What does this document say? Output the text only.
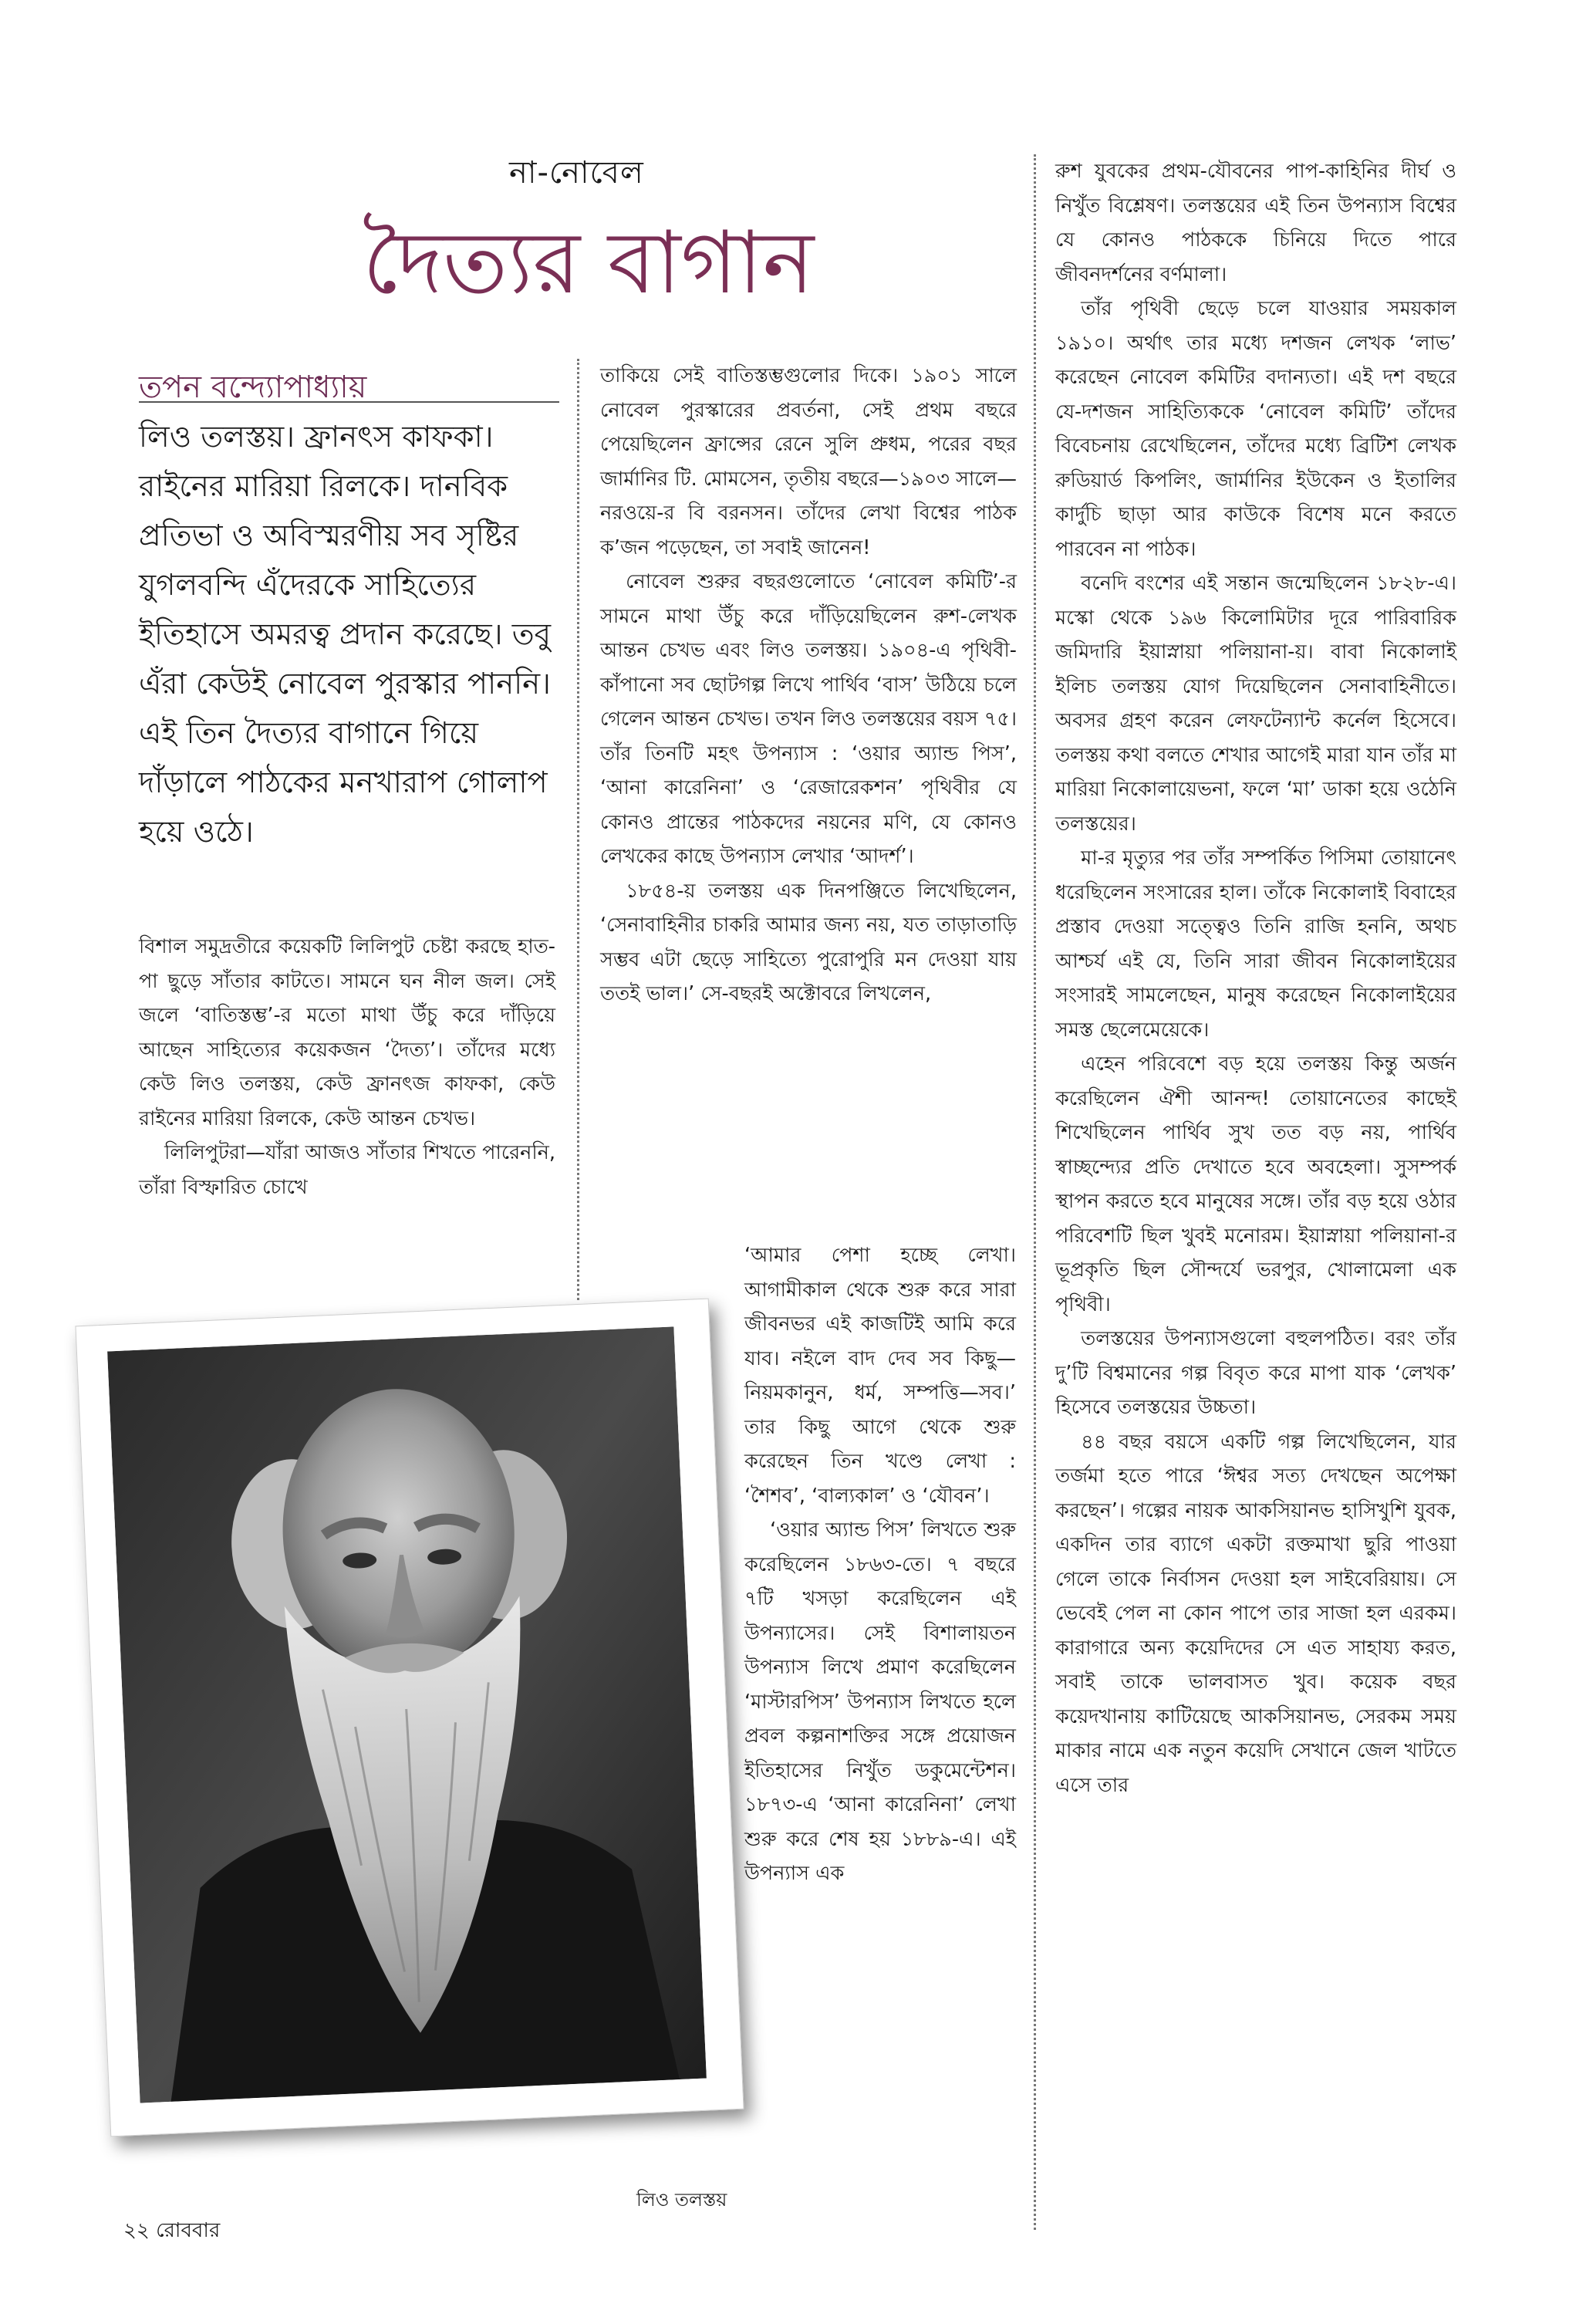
না-নোবেল
দৈত্যর বাগান
তপন বন্দ্যোপাধ্যায়
লিও তলস্তয়। ফ্রানৎস কাফকা। রাইনের মারিয়া রিলকে। দানবিক প্রতিভা ও অবিস্মরণীয় সব সৃষ্টির যুগলবন্দি এঁদেরকে সাহিত্যের ইতিহাসে অমরত্ব প্রদান করেছে। তবু এঁরা কেউই নোবেল পুরস্কার পাননি। এই তিন দৈত্যর বাগানে গিয়ে দাঁড়ালে পাঠকের মনখারাপ গোলাপ হয়ে ওঠে।

বিশাল সমুদ্রতীরে কয়েকটি লিলিপুট চেষ্টা করছে হাত-পা ছুড়ে সাঁতার কাটতে। সামনে ঘন নীল জল। সেই জলে ‘বাতিস্তম্ভ’-র মতো মাথা উঁচু করে দাঁড়িয়ে আছেন সাহিত্যের কয়েকজন ‘দৈত্য’। তাঁদের মধ্যে কেউ লিও তলস্তয়, কেউ ফ্রানৎজ কাফকা, কেউ রাইনের মারিয়া রিলকে, কেউ আন্তন চেখভ।

লিলিপুটরা—যাঁরা আজও সাঁতার শিখতে পারেননি, তাঁরা বিস্ফারিত চোখে

তাকিয়ে সেই বাতিস্তম্ভগুলোর দিকে। ১৯০১ সালে নোবেল পুরস্কারের প্রবর্তনা, সেই প্রথম বছরে পেয়েছিলেন ফ্রান্সের রেনে সুলি প্রুধম, পরের বছর জার্মানির টি. মোমসেন, তৃতীয় বছরে—১৯০৩ সালে—নরওয়ে-র বি বরনসন। তাঁদের লেখা বিশ্বের পাঠক ক’জন পড়েছেন, তা সবাই জানেন!

নোবেল শুরুর বছরগুলোতে ‘নোবেল কমিটি’-র সামনে মাথা উঁচু করে দাঁড়িয়েছিলেন রুশ-লেখক আন্তন চেখভ এবং লিও তলস্তয়। ১৯০৪-এ পৃথিবী-কাঁপানো সব ছোটগল্প লিখে পার্থিব ‘বাস’ উঠিয়ে চলে গেলেন আন্তন চেখভ। তখন লিও তলস্তয়ের বয়স ৭৫। তাঁর তিনটি মহৎ উপন্যাস : ‘ওয়ার অ্যান্ড পিস’, ‘আনা কারেনিনা’ ও ‘রেজারেকশন’ পৃথিবীর যে কোনও প্রান্তের পাঠকদের নয়নের মণি, যে কোনও লেখকের কাছে উপন্যাস লেখার ‘আদর্শ’।

১৮৫৪-য় তলস্তয় এক দিনপঞ্জিতে লিখেছিলেন, ‘সেনাবাহিনীর চাকরি আমার জন্য নয়, যত তাড়াতাড়ি সম্ভব এটা ছেড়ে সাহিত্যে পুরোপুরি মন দেওয়া যায় ততই ভাল।’ সে-বছরই অক্টোবরে লিখলেন,

‘আমার পেশা হচ্ছে লেখা। আগামীকাল থেকে শুরু করে সারা জীবনভর এই কাজটিই আমি করে যাব। নইলে বাদ দেব সব কিছু—নিয়মকানুন, ধর্ম, সম্পত্তি—সব।’ তার কিছু আগে থেকে শুরু করেছেন তিন খণ্ডে লেখা : ‘শৈশব’, ‘বাল্যকাল’ ও ‘যৌবন’।

‘ওয়ার অ্যান্ড পিস’ লিখতে শুরু করেছিলেন ১৮৬৩-তে। ৭ বছরে ৭টি খসড়া করেছিলেন এই উপন্যাসের। সেই বিশালায়তন উপন্যাস লিখে প্রমাণ করেছিলেন ‘মাস্টারপিস’ উপন্যাস লিখতে হলে প্রবল কল্পনাশক্তির সঙ্গে প্রয়োজন ইতিহাসের নিখুঁত ডকুমেন্টেশন। ১৮৭৩-এ ‘আনা কারেনিনা’ লেখা শুরু করে শেষ হয় ১৮৮৯-এ। এই উপন্যাস এক

রুশ যুবকের প্রথম-যৌবনের পাপ-কাহিনির দীর্ঘ ও নিখুঁত বিশ্লেষণ। তলস্তয়ের এই তিন উপন্যাস বিশ্বের যে কোনও পাঠককে চিনিয়ে দিতে পারে জীবনদর্শনের বর্ণমালা।

তাঁর পৃথিবী ছেড়ে চলে যাওয়ার সময়কাল ১৯১০। অর্থাৎ তার মধ্যে দশজন লেখক ‘লাভ’ করেছেন নোবেল কমিটির বদান্যতা। এই দশ বছরে যে-দশজন সাহিত্যিককে ‘নোবেল কমিটি’ তাঁদের বিবেচনায় রেখেছিলেন, তাঁদের মধ্যে ব্রিটিশ লেখক রুডিয়ার্ড কিপলিং, জার্মানির ইউকেন ও ইতালির কার্দুচি ছাড়া আর কাউকে বিশেষ মনে করতে পারবেন না পাঠক।

বনেদি বংশের এই সন্তান জন্মেছিলেন ১৮২৮-এ। মস্কো থেকে ১৯৬ কিলোমিটার দূরে পারিবারিক জমিদারি ইয়াস্নায়া পলিয়ানা-য়। বাবা নিকোলাই ইলিচ তলস্তয় যোগ দিয়েছিলেন সেনাবাহিনীতে। অবসর গ্রহণ করেন লেফটেন্যান্ট কর্নেল হিসেবে। তলস্তয় কথা বলতে শেখার আগেই মারা যান তাঁর মা মারিয়া নিকোলায়েভনা, ফলে ‘মা’ ডাকা হয়ে ওঠেনি তলস্তয়ের।

মা-র মৃত্যুর পর তাঁর সম্পর্কিত পিসিমা তোয়ানেৎ ধরেছিলেন সংসারের হাল। তাঁকে নিকোলাই বিবাহের প্রস্তাব দেওয়া সত্ত্বেও তিনি রাজি হননি, অথচ আশ্চর্য এই যে, তিনি সারা জীবন নিকোলাইয়ের সংসারই সামলেছেন, মানুষ করেছেন নিকোলাইয়ের সমস্ত ছেলেমেয়েকে।

এহেন পরিবেশে বড় হয়ে তলস্তয় কিন্তু অর্জন করেছিলেন ঐশী আনন্দ! তোয়ানেতের কাছেই শিখেছিলেন পার্থিব সুখ তত বড় নয়, পার্থিব স্বাচ্ছন্দ্যের প্রতি দেখাতে হবে অবহেলা। সুসম্পর্ক স্থাপন করতে হবে মানুষের সঙ্গে। তাঁর বড় হয়ে ওঠার পরিবেশটি ছিল খুবই মনোরম। ইয়াস্নায়া পলিয়ানা-র ভূপ্রকৃতি ছিল সৌন্দর্যে ভরপুর, খোলামেলা এক পৃথিবী।

তলস্তয়ের উপন্যাসগুলো বহুলপঠিত। বরং তাঁর দু’টি বিশ্বমানের গল্প বিবৃত করে মাপা যাক ‘লেখক’ হিসেবে তলস্তয়ের উচ্চতা।

৪৪ বছর বয়সে একটি গল্প লিখেছিলেন, যার তর্জমা হতে পারে ‘ঈশ্বর সত্য দেখছেন অপেক্ষা করছেন’। গল্পের নায়ক আকসিয়ানভ হাসিখুশি যুবক, একদিন তার ব্যাগে একটা রক্তমাখা ছুরি পাওয়া গেলে তাকে নির্বাসন দেওয়া হল সাইবেরিয়ায়। সে ভেবেই পেল না কোন পাপে তার সাজা হল এরকম। কারাগারে অন্য কয়েদিদের সে এত সাহায্য করত, সবাই তাকে ভালবাসত খুব। কয়েক বছর কয়েদখানায় কাটিয়েছে আকসিয়ানভ, সেরকম সময় মাকার নামে এক নতুন কয়েদি সেখানে জেল খাটতে এসে তার

লিও তলস্তয়
২২ রোববার
